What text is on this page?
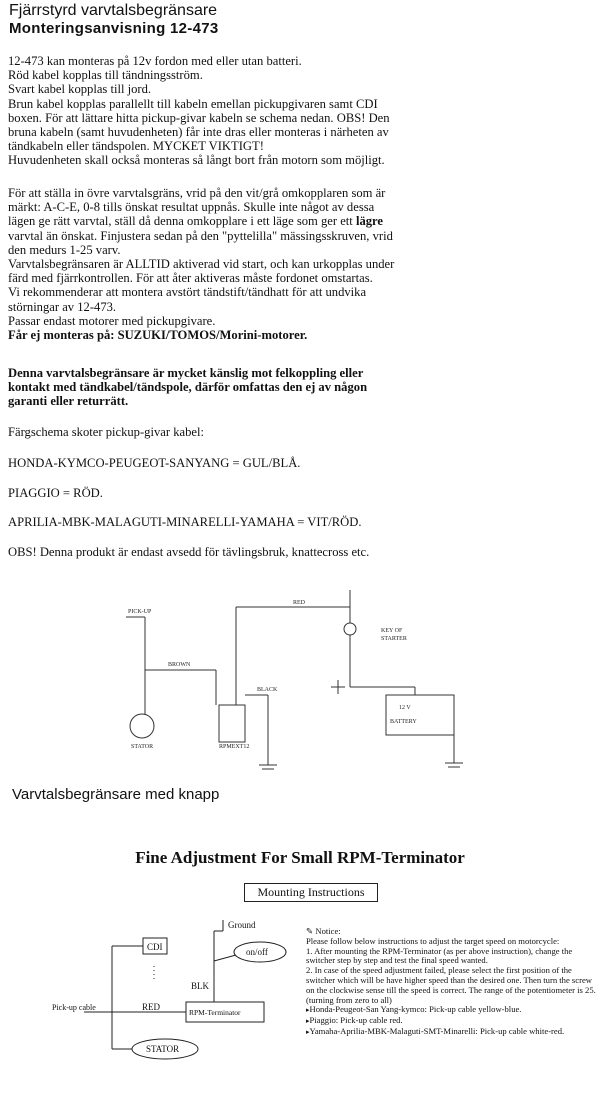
Fjärrstyrd varvtalsbegränsare
Monteringsanvisning 12-473

12-473 kan monteras på 12v fordon med eller utan batteri.

Röd kabel kopplas till tändningsström.

Svart kabel kopplas till jord.

Brun kabel kopplas parallellt till kabeln emellan pickupgivaren samt CDI

boxen. För att lättare hitta pickup-givar kabeln se schema nedan. OBS! Den

bruna kabeln (samt huvudenheten) får inte dras eller monteras i närheten av

tändkabeln eller tändspolen. MYCKET VIKTIGT!

Huvudenheten skall också monteras så långt bort från motorn som möjligt.

För att ställa in övre varvtalsgräns, vrid på den vit/grå omkopplaren som är

märkt: A-C-E, 0-8 tills önskat resultat uppnås. Skulle inte något av dessa

lägen ge rätt varvtal, ställ då denna omkopplare i ett läge som ger ett lägre

varvtal än önskat. Finjustera sedan på den "pyttelilla" mässingsskruven, vrid

den medurs 1-25 varv.

Varvtalsbegränsaren är ALLTID aktiverad vid start, och kan urkopplas under

färd med fjärrkontrollen. För att åter aktiveras måste fordonet omstartas.

Vi rekommenderar att montera avstört tändstift/tändhatt för att undvika

störningar av 12-473.

Passar endast motorer med pickupgivare.

Får ej monteras på: SUZUKI/TOMOS/Morini-motorer.

Denna varvtalsbegränsare är mycket känslig mot felkoppling eller

kontakt med tändkabel/tändspole, därför omfattas den ej av någon

garanti eller returrätt.

Färgschema skoter pickup-givar kabel:
HONDA-KYMCO-PEUGEOT-SANYANG = GUL/BLÅ.
PIAGGIO = RÖD.
APRILIA-MBK-MALAGUTI-MINARELLI-YAMAHA = VIT/RÖD.
OBS! Denna produkt är endast avsedd för tävlingsbruk, knattecross etc.
PICK-UP
RED
KEY OF
STARTER
BROWN
BLACK
12 V
BATTERY
STATOR	RPMEXT12
Varvtalsbegränsare med knapp
Fine Adjustment For Small RPM-Terminator
Mounting Instructions
Ground
CDI	on/off
BLK
Pick-up cable	RED
RPM-Terminator
STATOR

✎ Notice:

Please follow below instructions to adjust the target speed on motorcycle:

1. After mounting the RPM-Terminator (as per above instruction), change the switcher step by step and test the final speed wanted.

2. In case of the speed adjustment failed, please select the first position of the switcher which will be have higher speed than the desired one. Then turn the screw on the clockwise sense till the speed is correct. The range of the potentiometer is 25. (turning from zero to all)

▸ Honda-Peugeot-San Yang-kymco: Pick-up cable yellow-blue.
▸ Piaggio: Pick-up cable red.
▸ Yamaha-Aprilia-MBK-Malaguti-SMT-Minarelli: Pick-up cable white-red.
